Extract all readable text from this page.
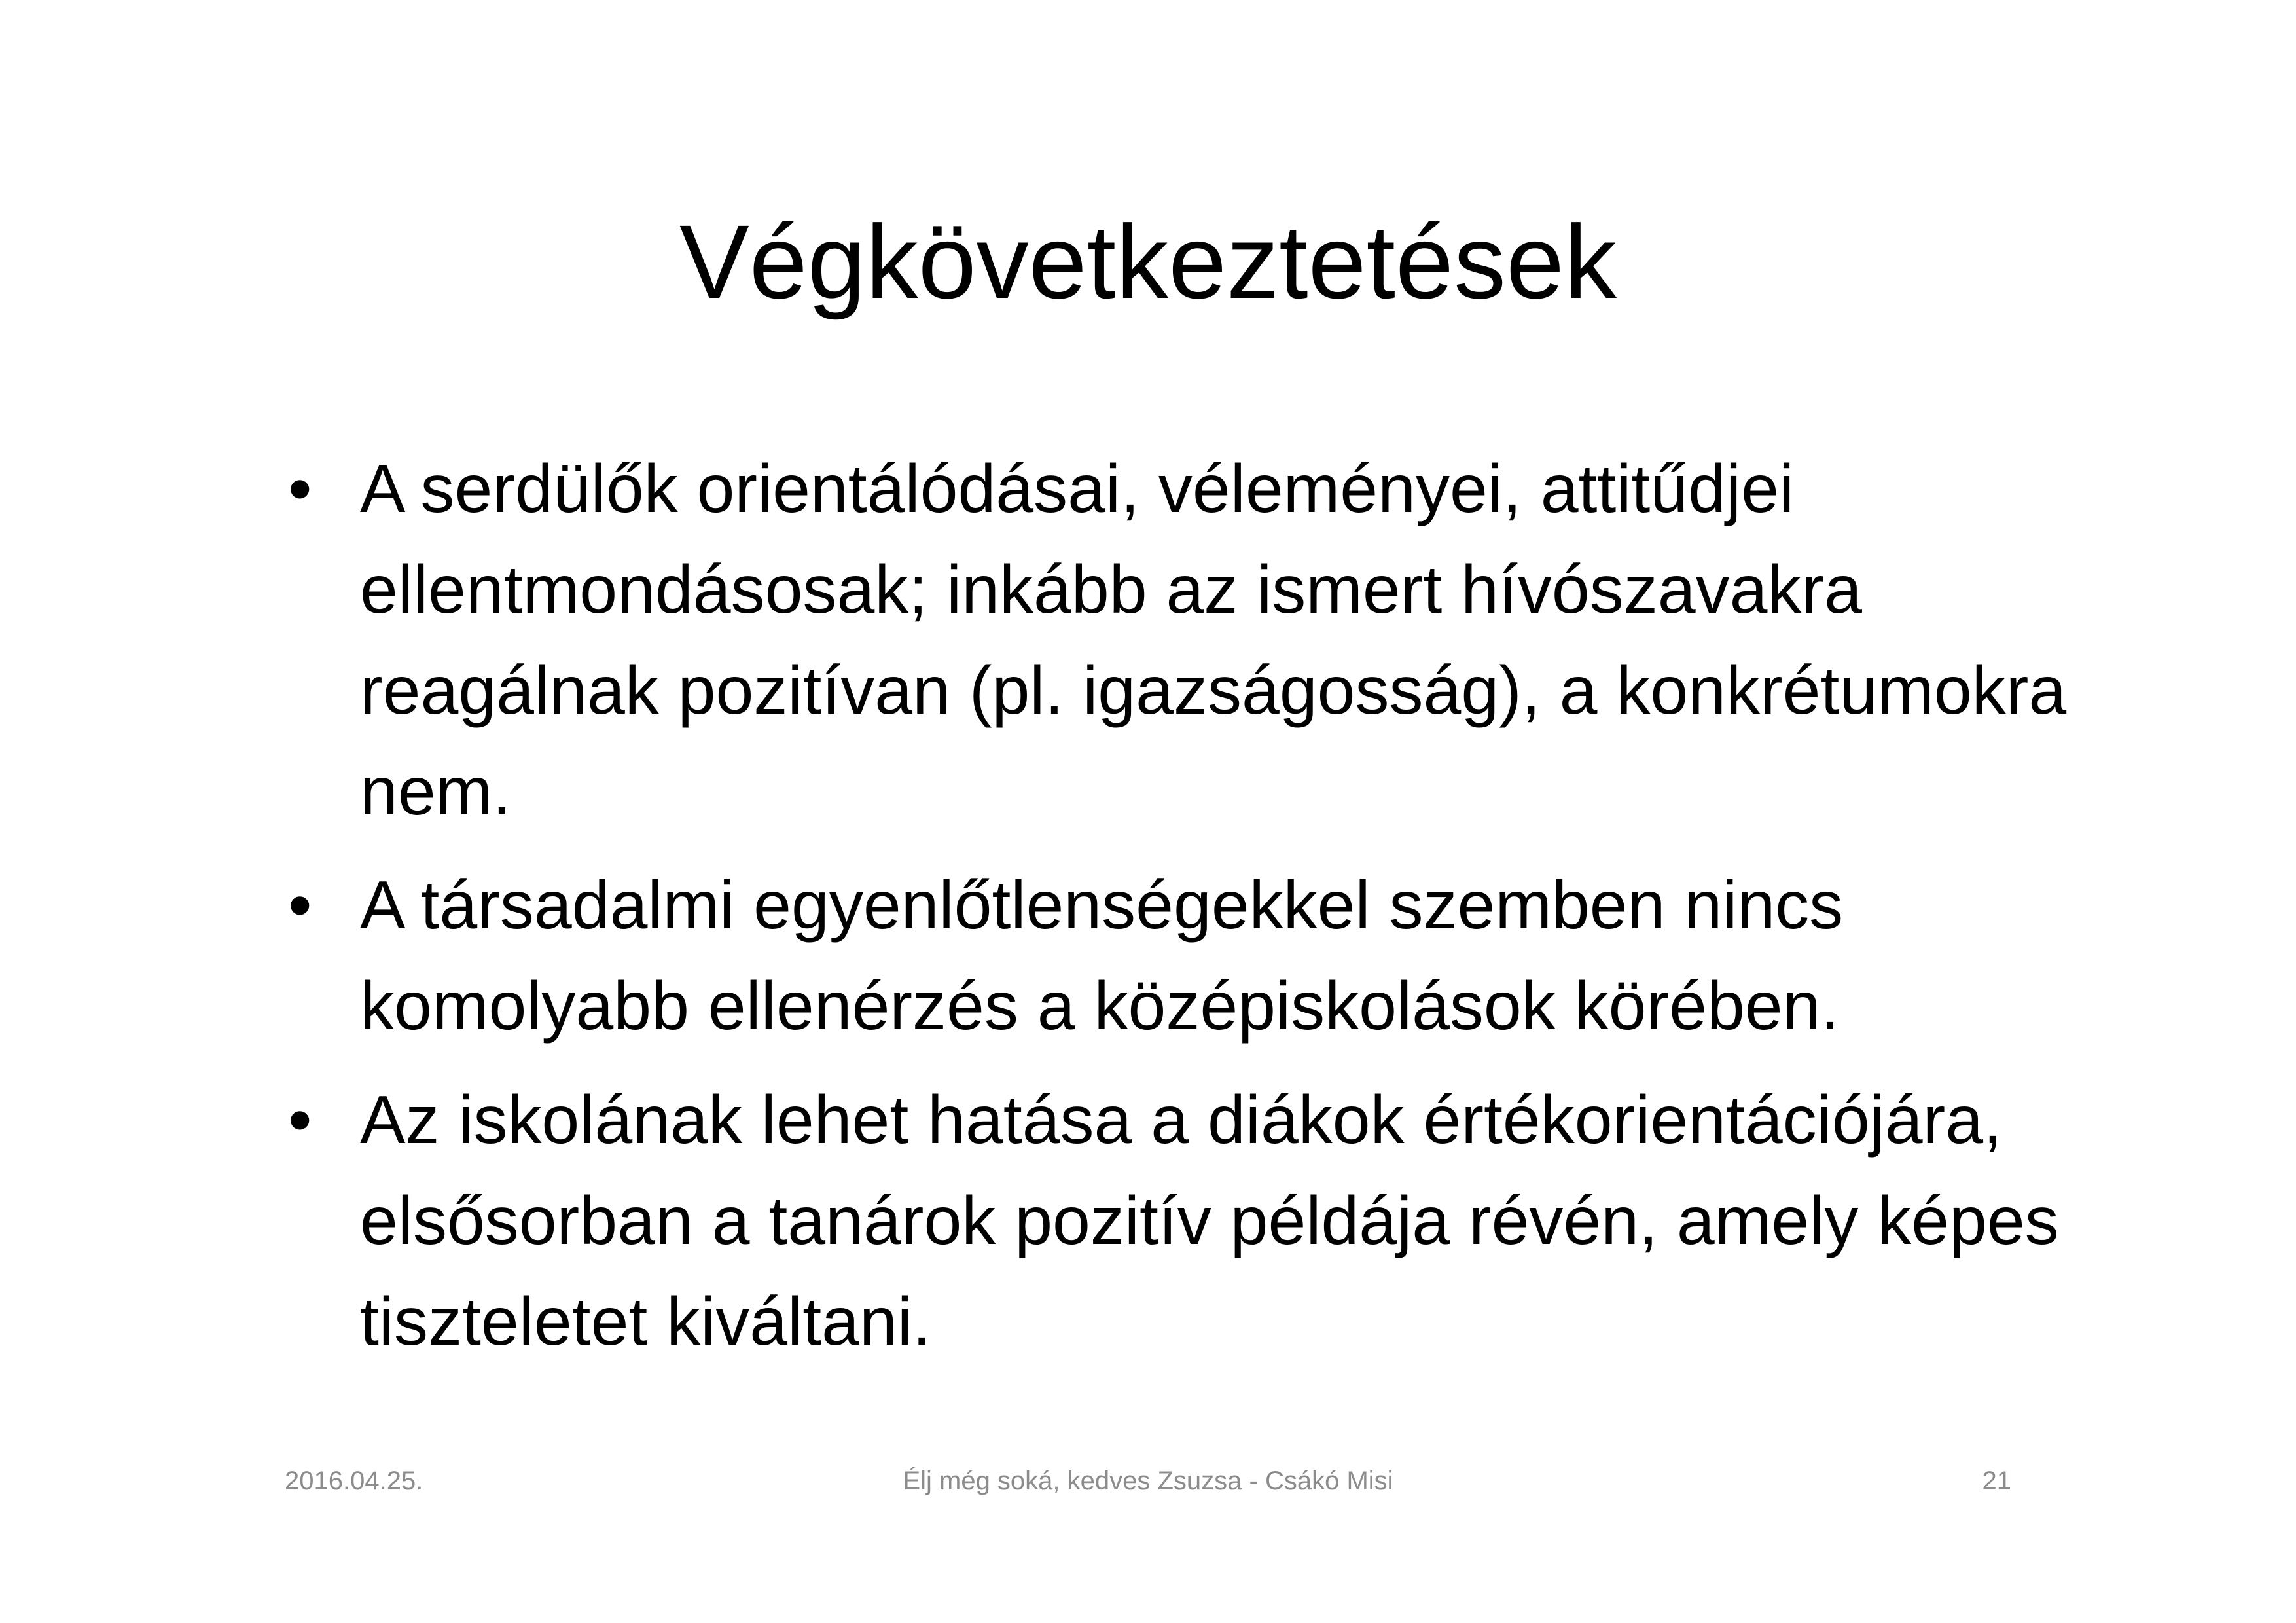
Végkövetkeztetések
• A serdülők orientálódásai, véleményei, attitűdjei ellentmondásosak; inkább az ismert hívószavakra reagálnak pozitívan (pl. igazságosság), a konkrétumokra nem.
• A társadalmi egyenlőtlenségekkel szemben nincs komolyabb ellenérzés a középiskolások körében.
• Az iskolának lehet hatása a diákok értékorientációjára, elsősorban a tanárok pozitív példája révén, amely képes tiszteletet kiváltani.
2016.04.25.	Élj még soká, kedves Zsuzsa - Csákó Misi	21
